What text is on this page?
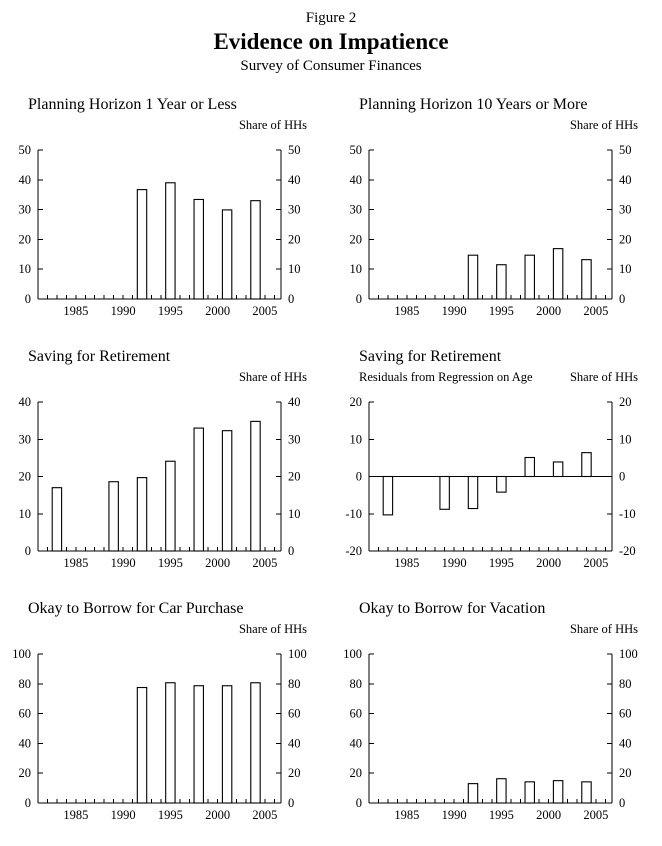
Figure 2
Evidence on Impatience
Survey of Consumer Finances
Planning Horizon 1 Year or Less
Share of HHs
0	0
10	10
20	20
30	30
40	40
50	50
1985 1990 1995 2000 2005
Planning Horizon 10 Years or More
Share of HHs
0	0
10	10
20	20
30	30
40	40
50	50
1985 1990 1995 2000 2005
Saving for Retirement
Share of HHs
0	0
10	10
20	20
30	30
40	40
1985 1990 1995 2000 2005
Saving for Retirement
Residuals from Regression on Age	Share of HHs
-20	-20
-10	-10
0	0
10	10
20	20
1985 1990 1995 2000 2005
Okay to Borrow for Car Purchase
Share of HHs
0	0
20	20
40	40
60	60
80	80
100	100
1985 1990 1995 2000 2005
Okay to Borrow for Vacation
Share of HHs
0	0
20	20
40	40
60	60
80	80
100	100
1985 1990 1995 2000 2005
